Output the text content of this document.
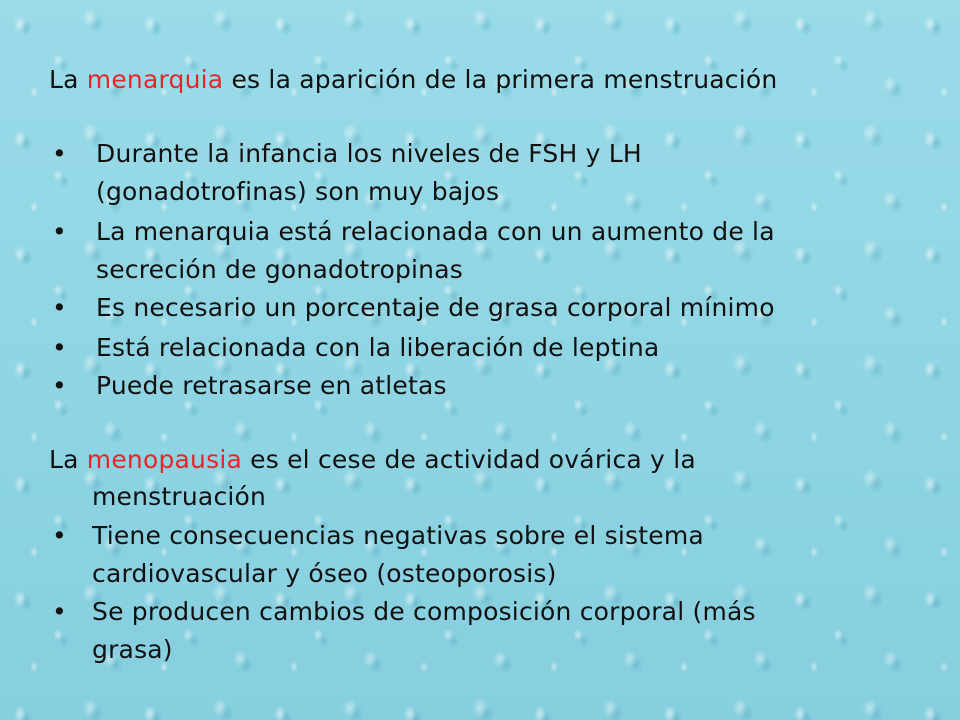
La menarquia es la aparición de la primera menstruación
• Durante la infancia los niveles de FSH y LH
(gonadotrofinas) son muy bajos
• La menarquia está relacionada con un aumento de la
secreción de gonadotropinas
• Es necesario un porcentaje de grasa corporal mínimo
• Está relacionada con la liberación de leptina
• Puede retrasarse en atletas
La menopausia es el cese de actividad ovárica y la
menstruación
• Tiene consecuencias negativas sobre el sistema
cardiovascular y óseo (osteoporosis)
• Se producen cambios de composición corporal (más
grasa)
